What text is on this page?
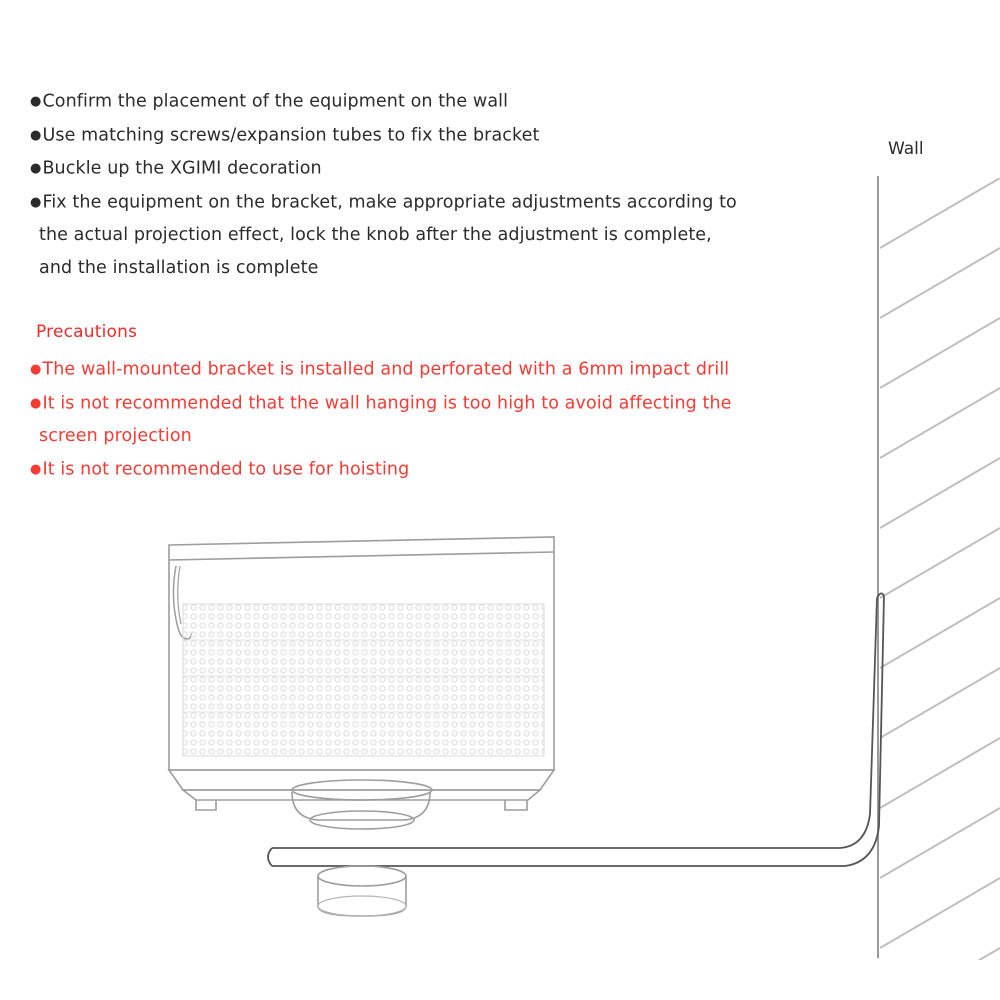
●Confirm the placement of the equipment on the wall
●Use matching screws/expansion tubes to fix the bracket
●Buckle up the XGIMI decoration
●Fix the equipment on the bracket, make appropriate adjustments according to
the actual projection effect, lock the knob after the adjustment is complete,
and the installation is complete
Precautions
●The wall-mounted bracket is installed and perforated with a 6mm impact drill
●It is not recommended that the wall hanging is too high to avoid affecting the
screen projection
●It is not recommended to use for hoisting
Wall
